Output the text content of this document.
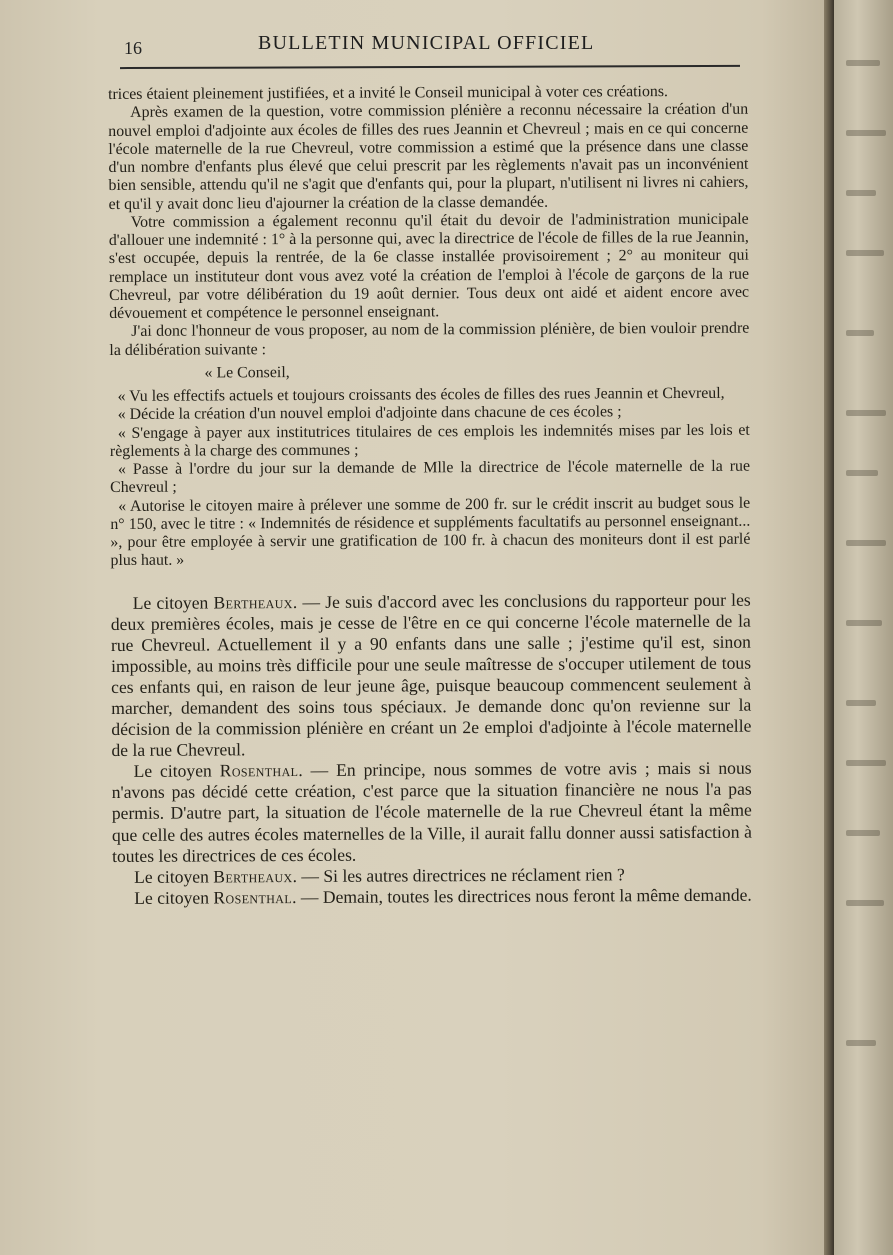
16	BULLETIN MUNICIPAL OFFICIEL

trices étaient pleinement justifiées, et a invité le Conseil municipal à voter ces créations.

Après examen de la question, votre commission plénière a reconnu nécessaire la création d'un nouvel emploi d'adjointe aux écoles de filles des rues Jeannin et Chevreul ; mais en ce qui concerne l'école maternelle de la rue Chevreul, votre commission a estimé que la présence dans une classe d'un nombre d'enfants plus élevé que celui prescrit par les règlements n'avait pas un inconvénient bien sensible, attendu qu'il ne s'agit que d'enfants qui, pour la plupart, n'utilisent ni livres ni cahiers, et qu'il y avait donc lieu d'ajourner la création de la classe demandée.

Votre commission a également reconnu qu'il était du devoir de l'administration municipale d'allouer une indemnité : 1° à la personne qui, avec la directrice de l'école de filles de la rue Jeannin, s'est occupée, depuis la rentrée, de la 6e classe installée provisoirement ; 2° au moniteur qui remplace un instituteur dont vous avez voté la création de l'emploi à l'école de garçons de la rue Chevreul, par votre délibération du 19 août dernier. Tous deux ont aidé et aident encore avec dévouement et compétence le personnel enseignant.

J'ai donc l'honneur de vous proposer, au nom de la commission plénière, de bien vouloir prendre la délibération suivante :

« Le Conseil,

« Vu les effectifs actuels et toujours croissants des écoles de filles des rues Jeannin et Chevreul,

« Décide la création d'un nouvel emploi d'adjointe dans chacune de ces écoles ;

« S'engage à payer aux institutrices titulaires de ces emplois les indemnités mises par les lois et règlements à la charge des communes ;

« Passe à l'ordre du jour sur la demande de Mlle la directrice de l'école maternelle de la rue Chevreul ;

« Autorise le citoyen maire à prélever une somme de 200 fr. sur le crédit inscrit au budget sous le n° 150, avec le titre : « Indemnités de résidence et suppléments facultatifs au personnel enseignant... », pour être employée à servir une gratification de 100 fr. à chacun des moniteurs dont il est parlé plus haut. »

Le citoyen Bertheaux. — Je suis d'accord avec les conclusions du rapporteur pour les deux premières écoles, mais je cesse de l'être en ce qui concerne l'école maternelle de la rue Chevreul. Actuellement il y a 90 enfants dans une salle ; j'estime qu'il est, sinon impossible, au moins très difficile pour une seule maîtresse de s'occuper utilement de tous ces enfants qui, en raison de leur jeune âge, puisque beaucoup commencent seulement à marcher, demandent des soins tous spéciaux. Je demande donc qu'on revienne sur la décision de la commission plénière en créant un 2e emploi d'adjointe à l'école maternelle de la rue Chevreul.

Le citoyen Rosenthal. — En principe, nous sommes de votre avis ; mais si nous n'avons pas décidé cette création, c'est parce que la situation financière ne nous l'a pas permis. D'autre part, la situation de l'école maternelle de la rue Chevreul étant la même que celle des autres écoles maternelles de la Ville, il aurait fallu donner aussi satisfaction à toutes les directrices de ces écoles.

Le citoyen Bertheaux. — Si les autres directrices ne réclament rien ?

Le citoyen Rosenthal. — Demain, toutes les directrices nous feront la même demande.
